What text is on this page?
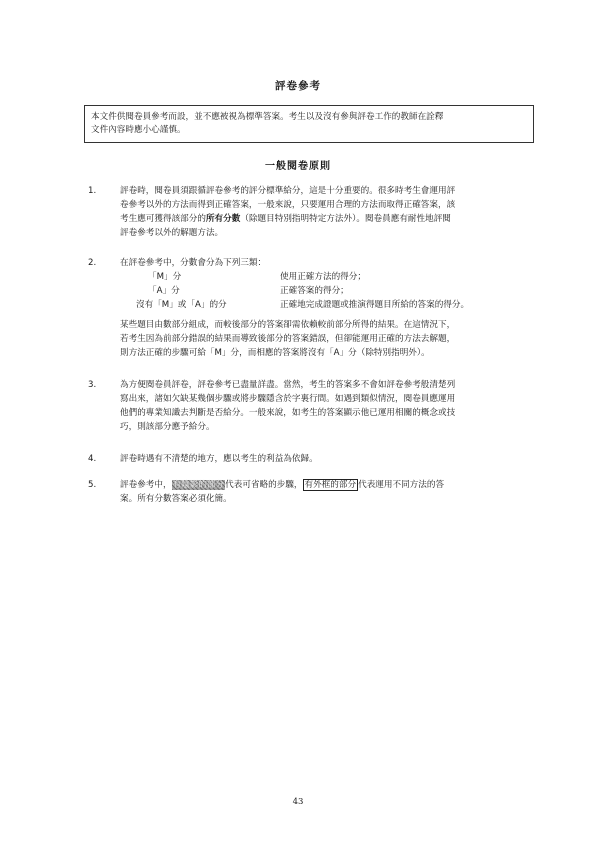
評卷參考
本文件供閱卷員參考而設，並不應被視為標準答案。考生以及沒有參與評卷工作的教師在詮釋
文件內容時應小心謹慎。
一般閱卷原則
1.	評卷時，閱卷員須跟循評卷參考的評分標準給分，這是十分重要的。很多時考生會運用評
卷參考以外的方法而得到正確答案，一般來說，只要運用合理的方法而取得正確答案，該
考生應可獲得該部分的所有分數（除題目特別指明特定方法外）。閱卷員應有耐性地評閱
評卷參考以外的解題方法。
2.	在評卷參考中，分數會分為下列三類：
「M」分	使用正確方法的得分；
「A」分	正確答案的得分；
沒有「M」或「A」的分	正確地完成證題或推演得題目所給的答案的得分。
某些題目由數部分組成，而較後部分的答案卻需依賴較前部分所得的結果。在這情況下，
若考生因為前部分錯誤的結果而導致後部分的答案錯誤，但卻能運用正確的方法去解題，
則方法正確的步驟可給「M」分，而相應的答案將沒有「A」分（除特別指明外）。
3.	為方便閱卷員評卷，評卷參考已盡量詳盡。當然，考生的答案多不會如評卷參考般清楚列
寫出來，諸如欠缺某幾個步驟或將步驟隱含於字裏行間。如遇到類似情況，閱卷員應運用
他們的專業知識去判斷是否給分。一般來說，如考生的答案顯示他已運用相關的概念或技
巧，則該部分應予給分。
4.	評卷時遇有不清楚的地方，應以考生的利益為依歸。
5.	評卷參考中，有陰影的部分代表可省略的步驟， 有外框的部分 代表運用不同方法的答
案。所有分數答案必須化簡。
43
